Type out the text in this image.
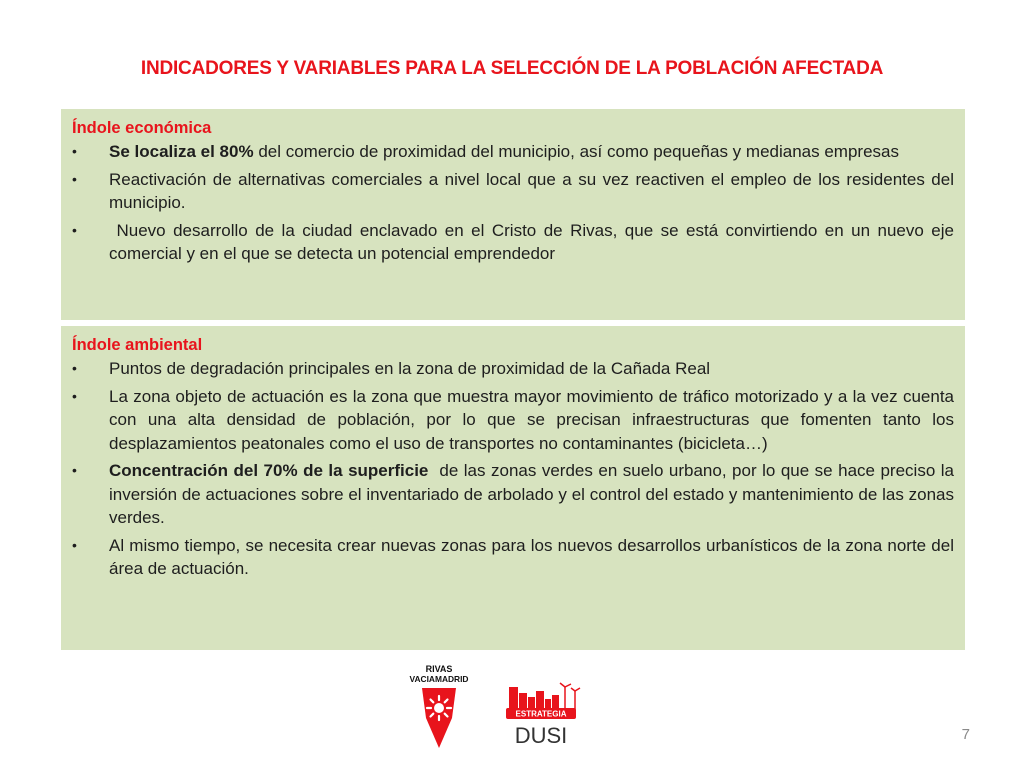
INDICADORES Y VARIABLES PARA LA SELECCIÓN DE LA POBLACIÓN AFECTADA
Índole económica
• Se localiza el 80% del comercio de proximidad del municipio, así como pequeñas y medianas empresas
• Reactivación de alternativas comerciales a nivel local que a su vez reactiven el empleo de los residentes del municipio.
• Nuevo desarrollo de la ciudad enclavado en el Cristo de Rivas, que se está convirtiendo en un nuevo eje comercial y en el que se detecta un potencial emprendedor
Índole ambiental
• Puntos de degradación principales en la zona de proximidad de la Cañada Real
• La zona objeto de actuación es la zona que muestra mayor movimiento de tráfico motorizado y a la vez cuenta con una alta densidad de población, por lo que se precisan infraestructuras que fomenten tanto los desplazamientos peatonales como el uso de transportes no contaminantes (bicicleta…)
• Concentración del 70% de la superficie  de las zonas verdes en suelo urbano, por lo que se hace preciso la inversión de actuaciones sobre el inventariado de arbolado y el control del estado y mantenimiento de las zonas verdes.
• Al mismo tiempo, se necesita crear nuevas zonas para los nuevos desarrollos urbanísticos de la zona norte del área de actuación.
RIVAS
VACIAMADRID
ESTRATEGIA
DUSI	7
